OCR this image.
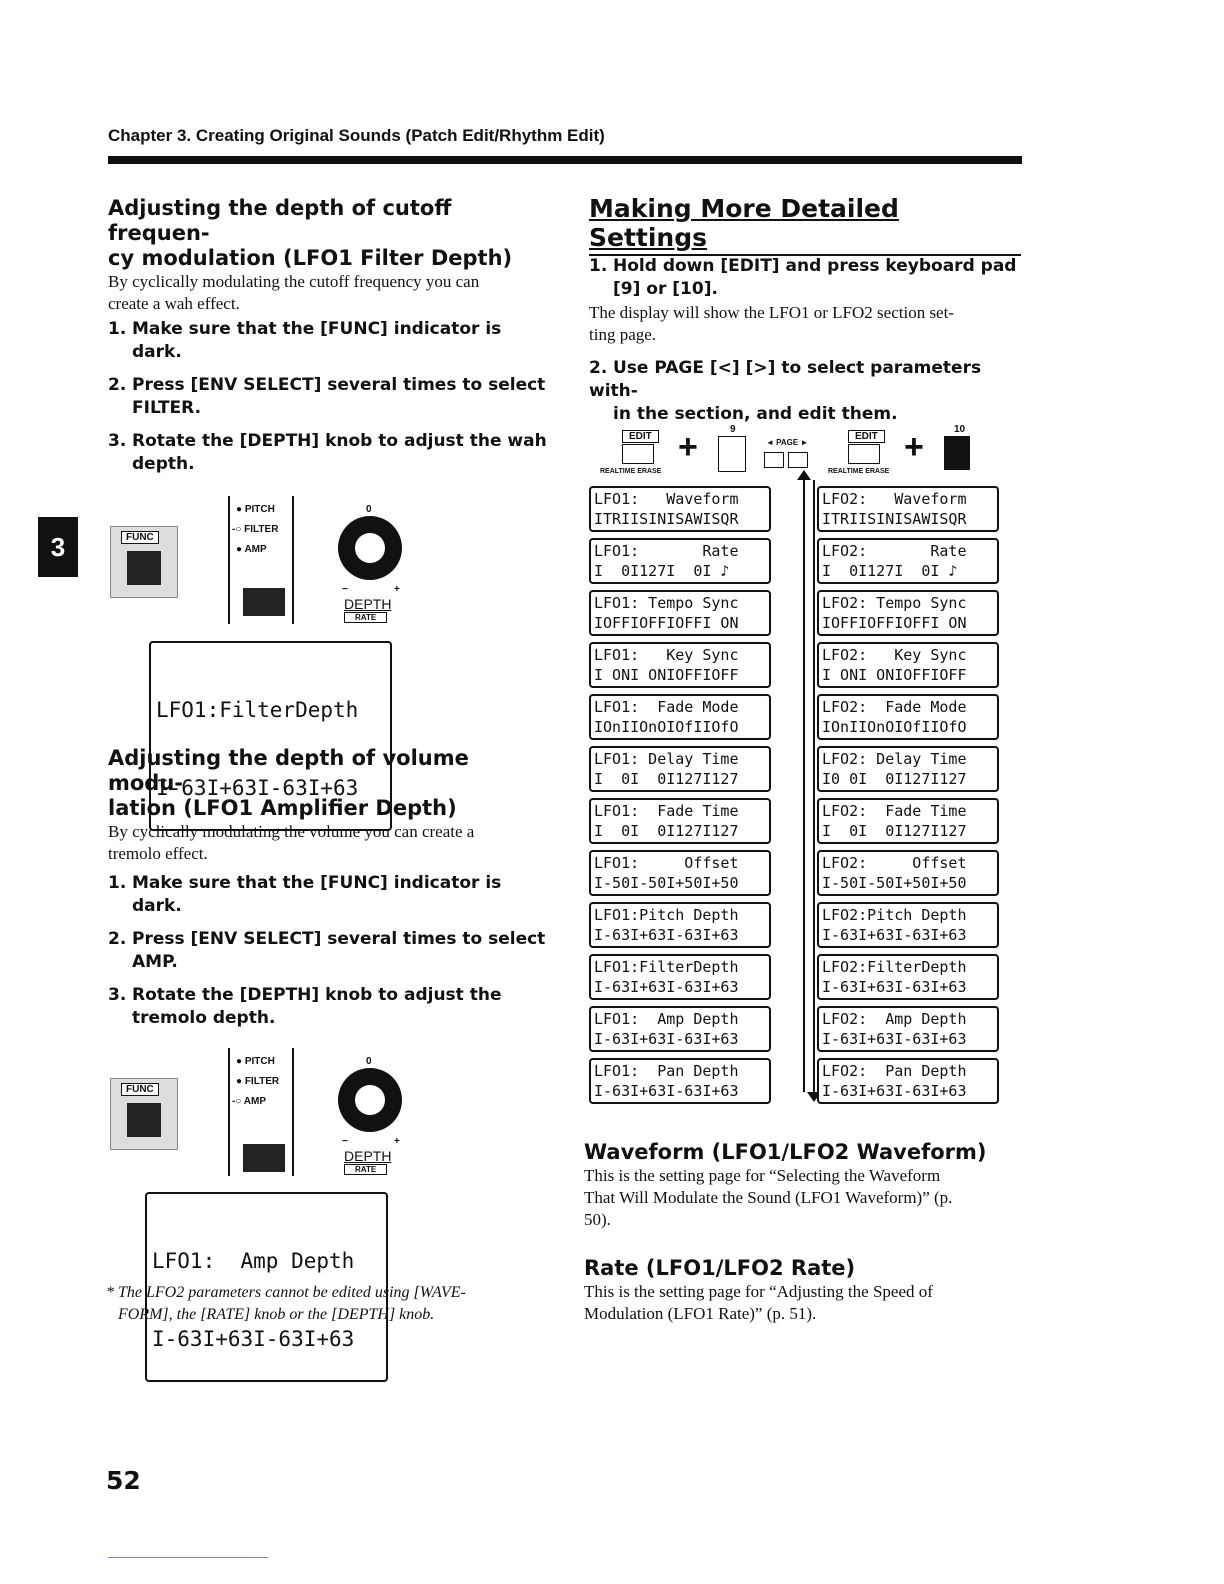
Chapter 3. Creating Original Sounds (Patch Edit/Rhythm Edit)
3
Adjusting the depth of cutoff frequen-
cy modulation (LFO1 Filter Depth)
By cyclically modulating the cutoff frequency you can
create a wah effect.
1. Make sure that the [FUNC] indicator is
dark.
2. Press [ENV SELECT] several times to select
FILTER.
3. Rotate the [DEPTH] knob to adjust the wah
depth.
FUNC
● PITCH
-○ FILTER
● AMP
0
−	+
DEPTH
RATE

LFO1:FilterDepth

I-63I+63I-63I+63

Adjusting the depth of volume modu-
lation (LFO1 Amplifier Depth)
By cyclically modulating the volume you can create a
tremolo effect.
1. Make sure that the [FUNC] indicator is
dark.
2. Press [ENV SELECT] several times to select
AMP.
3. Rotate the [DEPTH] knob to adjust the
tremolo depth.
FUNC
● PITCH
● FILTER
-○ AMP
0
−	+
DEPTH
RATE

LFO1:  Amp Depth

I-63I+63I-63I+63

* The LFO2 parameters cannot be edited using [WAVE-
FORM], the [RATE] knob or the [DEPTH] knob.
Making More Detailed Settings
1. Hold down [EDIT] and press keyboard pad
[9] or [10].
The display will show the LFO1 or LFO2 section set-
ting page.
2. Use PAGE [<] [>] to select parameters with-
in the section, and edit them.
EDIT +	9
◄ PAGE ►
EDIT +	10
REALTIME ERASE	REALTIME ERASE
LFO1:   Waveform
ITRIISINISAWISQR
LFO1:       Rate
I  0I127I  0I ♪
LFO1: Tempo Sync
IOFFIOFFIOFFI ON
LFO1:   Key Sync
I ONI ONIOFFIOFF
LFO1:  Fade Mode
IOnIIOnOIOfIIOfO
LFO1: Delay Time
I  0I  0I127I127
LFO1:  Fade Time
I  0I  0I127I127
LFO1:     Offset
I-50I-50I+50I+50
LFO1:Pitch Depth
I-63I+63I-63I+63
LFO1:FilterDepth
I-63I+63I-63I+63
LFO1:  Amp Depth
I-63I+63I-63I+63
LFO1:  Pan Depth
I-63I+63I-63I+63
LFO2:   Waveform
ITRIISINISAWISQR
LFO2:       Rate
I  0I127I  0I ♪
LFO2: Tempo Sync
IOFFIOFFIOFFI ON
LFO2:   Key Sync
I ONI ONIOFFIOFF
LFO2:  Fade Mode
IOnIIOnOIOfIIOfO
LFO2: Delay Time
I0 0I  0I127I127
LFO2:  Fade Time
I  0I  0I127I127
LFO2:     Offset
I-50I-50I+50I+50
LFO2:Pitch Depth
I-63I+63I-63I+63
LFO2:FilterDepth
I-63I+63I-63I+63
LFO2:  Amp Depth
I-63I+63I-63I+63
LFO2:  Pan Depth
I-63I+63I-63I+63
Waveform (LFO1/LFO2 Waveform)
This is the setting page for “Selecting the Waveform
That Will Modulate the Sound (LFO1 Waveform)” (p.
50).
Rate (LFO1/LFO2 Rate)
This is the setting page for “Adjusting the Speed of
Modulation (LFO1 Rate)” (p. 51).
52
